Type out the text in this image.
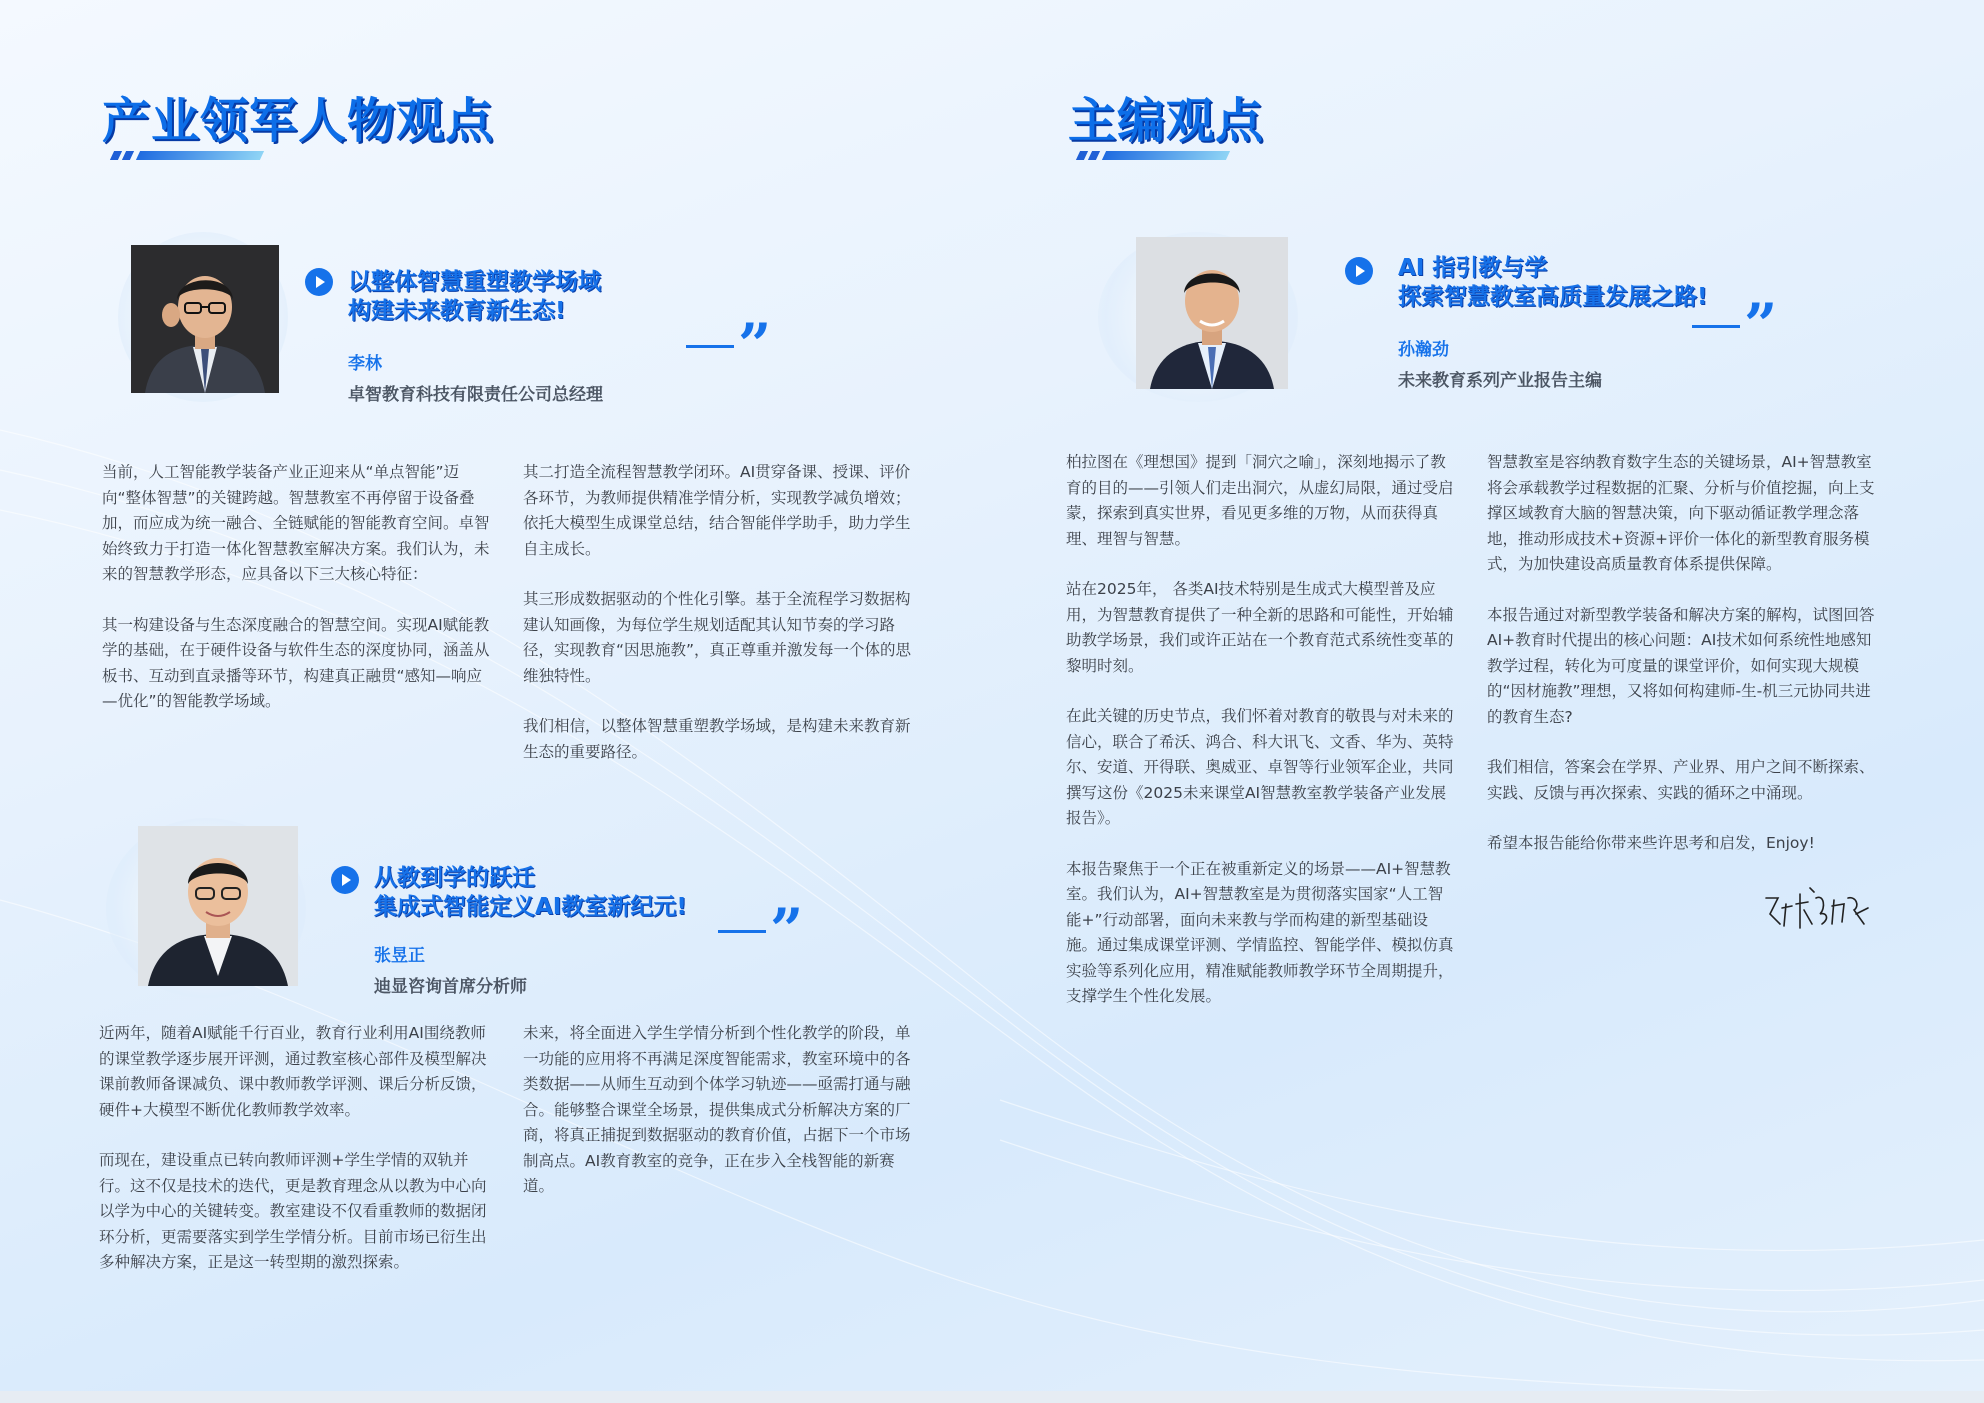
产业领军人物观点
以整体智慧重塑教学场域
构建未来教育新生态!	”
李林
卓智教育科技有限责任公司总经理

当前，人工智能教学装备产业正迎来从“单点智能”迈向“整体智慧”的关键跨越。智慧教室不再停留于设备叠加，而应成为统一融合、全链赋能的智能教育空间。卓智始终致力于打造一体化智慧教室解决方案。我们认为，未来的智慧教学形态，应具备以下三大核心特征：

其一构建设备与生态深度融合的智慧空间。实现AI赋能教学的基础，在于硬件设备与软件生态的深度协同，涵盖从板书、互动到直录播等环节，构建真正融贯“感知—响应—优化”的智能教学场域。

其二打造全流程智慧教学闭环。AI贯穿备课、授课、评价各环节，为教师提供精准学情分析，实现教学减负增效；依托大模型生成课堂总结，结合智能伴学助手，助力学生自主成长。

其三形成数据驱动的个性化引擎。基于全流程学习数据构建认知画像，为每位学生规划适配其认知节奏的学习路径，实现教育“因思施教”，真正尊重并激发每一个体的思维独特性。

我们相信，以整体智慧重塑教学场域，是构建未来教育新生态的重要路径。

从教到学的跃迁
集成式智能定义AI教室新纪元! ”
张昱正
迪显咨询首席分析师

近两年，随着AI赋能千行百业，教育行业利用AI围绕教师的课堂教学逐步展开评测，通过教室核心部件及模型解决课前教师备课减负、课中教师教学评测、课后分析反馈，硬件+大模型不断优化教师教学效率。

而现在，建设重点已转向教师评测+学生学情的双轨并行。这不仅是技术的迭代，更是教育理念从以教为中心向以学为中心的关键转变。教室建设不仅看重教师的数据闭环分析，更需要落实到学生学情分析。目前市场已衍生出多种解决方案，正是这一转型期的激烈探索。

未来，将全面进入学生学情分析到个性化教学的阶段，单一功能的应用将不再满足深度智能需求，教室环境中的各类数据——从师生互动到个体学习轨迹——亟需打通与融合。能够整合课堂全场景，提供集成式分析解决方案的厂商，将真正捕捉到数据驱动的教育价值，占据下一个市场制高点。AI教育教室的竞争，正在步入全栈智能的新赛道。

主编观点
AI 指引教与学
探索智慧教室高质量发展之路! ”
孙瀚劲
未来教育系列产业报告主编

柏拉图在《理想国》提到「洞穴之喻」，深刻地揭示了教育的目的——引领人们走出洞穴，从虚幻局限，通过受启蒙，探索到真实世界，看见更多维的万物，从而获得真理、理智与智慧。

站在2025年， 各类AI技术特别是生成式大模型普及应用，为智慧教育提供了一种全新的思路和可能性，开始辅助教学场景，我们或许正站在一个教育范式系统性变革的黎明时刻。

在此关键的历史节点，我们怀着对教育的敬畏与对未来的信心，联合了希沃、鸿合、科大讯飞、文香、华为、英特尔、安道、开得联、奥威亚、卓智等行业领军企业，共同撰写这份《2025未来课堂AI智慧教室教学装备产业发展报告》。

本报告聚焦于一个正在被重新定义的场景——AI+智慧教室。我们认为，AI+智慧教室是为贯彻落实国家“人工智能+”行动部署，面向未来教与学而构建的新型基础设施。通过集成课堂评测、学情监控、智能学伴、模拟仿真实验等系列化应用，精准赋能教师教学环节全周期提升，支撑学生个性化发展。

智慧教室是容纳教育数字生态的关键场景，AI+智慧教室将会承载教学过程数据的汇聚、分析与价值挖掘，向上支撑区域教育大脑的智慧决策，向下驱动循证教学理念落地，推动形成技术+资源+评价一体化的新型教育服务模式，为加快建设高质量教育体系提供保障。

本报告通过对新型教学装备和解决方案的解构，试图回答AI+教育时代提出的核心问题：AI技术如何系统性地感知教学过程，转化为可度量的课堂评价，如何实现大规模的“因材施教”理想，又将如何构建师-生-机三元协同共进的教育生态?

我们相信，答案会在学界、产业界、用户之间不断探索、实践、反馈与再次探索、实践的循环之中涌现。

希望本报告能给你带来些许思考和启发，Enjoy!
